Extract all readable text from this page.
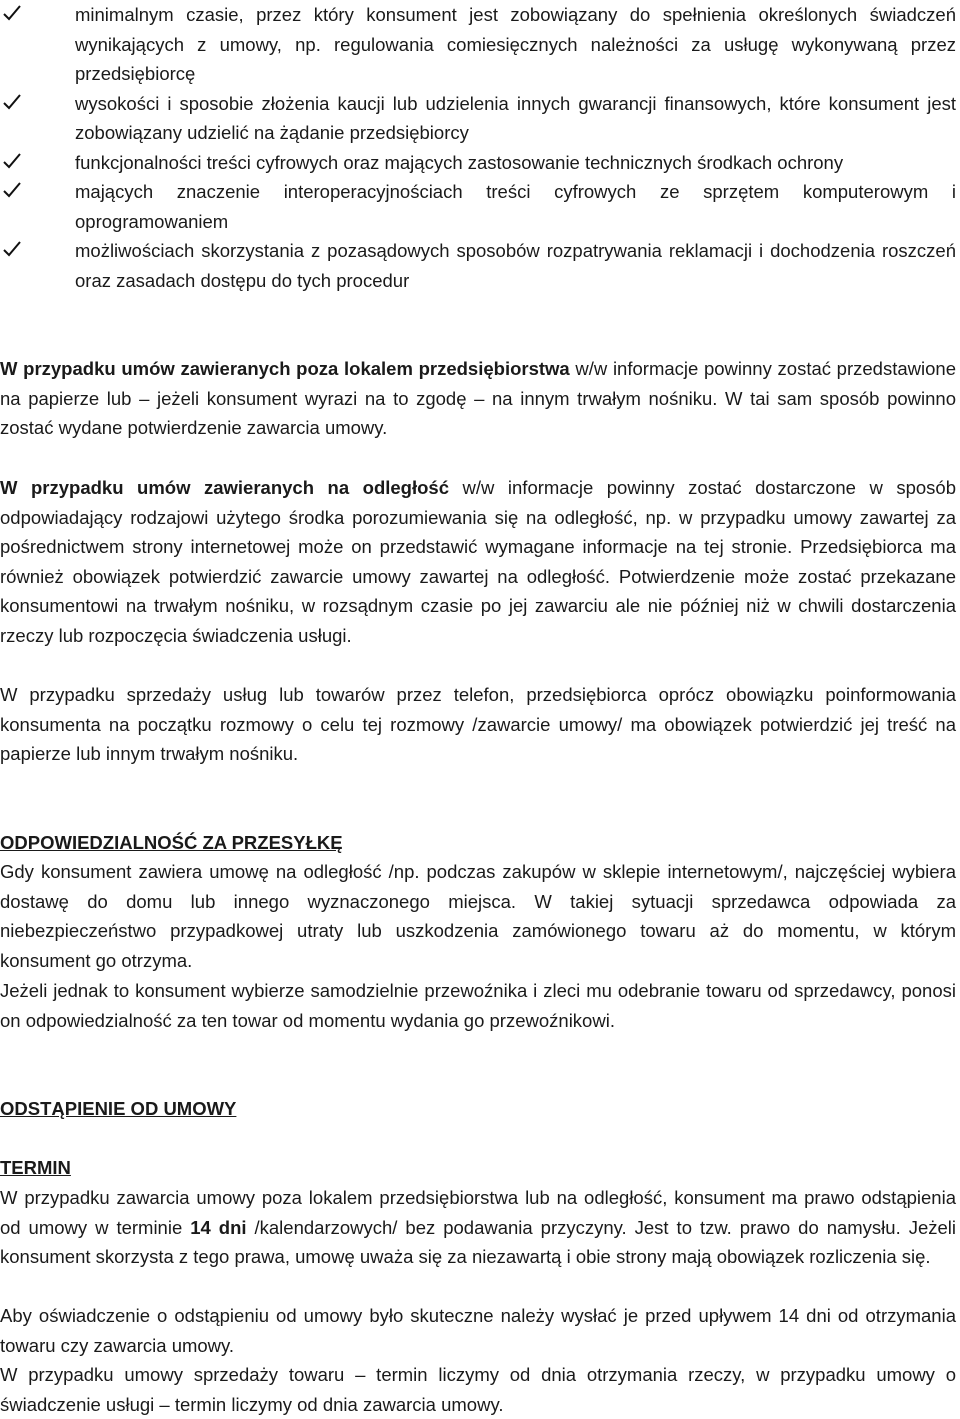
minimalnym czasie, przez który konsument jest zobowiązany do spełnienia określonych świadczeń wynikających z umowy, np. regulowania comiesięcznych należności za usługę wykonywaną przez przedsiębiorcę
wysokości i sposobie złożenia kaucji lub udzielenia innych gwarancji finansowych, które konsument jest zobowiązany udzielić na żądanie przedsiębiorcy
funkcjonalności treści cyfrowych oraz mających zastosowanie technicznych środkach ochrony
mających znaczenie interoperacyjnościach treści cyfrowych ze sprzętem komputerowym i oprogramowaniem
możliwościach skorzystania z pozasądowych sposobów rozpatrywania reklamacji i dochodzenia roszczeń oraz zasadach dostępu do tych procedur

W przypadku umów zawieranych poza lokalem przedsiębiorstwa w/w informacje powinny zostać przedstawione na papierze lub – jeżeli konsument wyrazi na to zgodę – na innym trwałym nośniku. W tai sam sposób powinno zostać wydane potwierdzenie zawarcia umowy.

W przypadku umów zawieranych na odległość w/w informacje powinny zostać dostarczone w sposób odpowiadający rodzajowi użytego środka porozumiewania się na odległość, np. w przypadku umowy zawartej za pośrednictwem strony internetowej może on przedstawić wymagane informacje na tej stronie. Przedsiębiorca ma również obowiązek potwierdzić zawarcie umowy zawartej na odległość. Potwierdzenie może zostać przekazane konsumentowi na trwałym nośniku, w rozsądnym czasie po jej zawarciu ale nie później niż w chwili dostarczenia rzeczy lub rozpoczęcia świadczenia usługi.

W przypadku sprzedaży usług lub towarów przez telefon, przedsiębiorca oprócz obowiązku poinformowania konsumenta na początku rozmowy o celu tej rozmowy /zawarcie umowy/ ma obowiązek potwierdzić jej treść na papierze lub innym trwałym nośniku.

ODPOWIEDZIALNOŚĆ ZA PRZESYŁKĘ

Gdy konsument zawiera umowę na odległość /np. podczas zakupów w sklepie internetowym/, najczęściej wybiera dostawę do domu lub innego wyznaczonego miejsca. W takiej sytuacji sprzedawca odpowiada za niebezpieczeństwo przypadkowej utraty lub uszkodzenia zamówionego towaru aż do momentu, w którym konsument go otrzyma.

Jeżeli jednak to konsument wybierze samodzielnie przewoźnika i zleci mu odebranie towaru od sprzedawcy, ponosi on odpowiedzialność za ten towar od momentu wydania go przewoźnikowi.

ODSTĄPIENIE OD UMOWY
TERMIN

W przypadku zawarcia umowy poza lokalem przedsiębiorstwa lub na odległość, konsument ma prawo odstąpienia od umowy w terminie 14 dni /kalendarzowych/ bez podawania przyczyny. Jest to tzw. prawo do namysłu. Jeżeli konsument skorzysta z tego prawa, umowę uważa się za niezawartą i obie strony mają obowiązek rozliczenia się.

Aby oświadczenie o odstąpieniu od umowy było skuteczne należy wysłać je przed upływem 14 dni od otrzymania towaru czy zawarcia umowy.

W przypadku umowy sprzedaży towaru – termin liczymy od dnia otrzymania rzeczy, w przypadku umowy o świadczenie usługi – termin liczymy od dnia zawarcia umowy.
